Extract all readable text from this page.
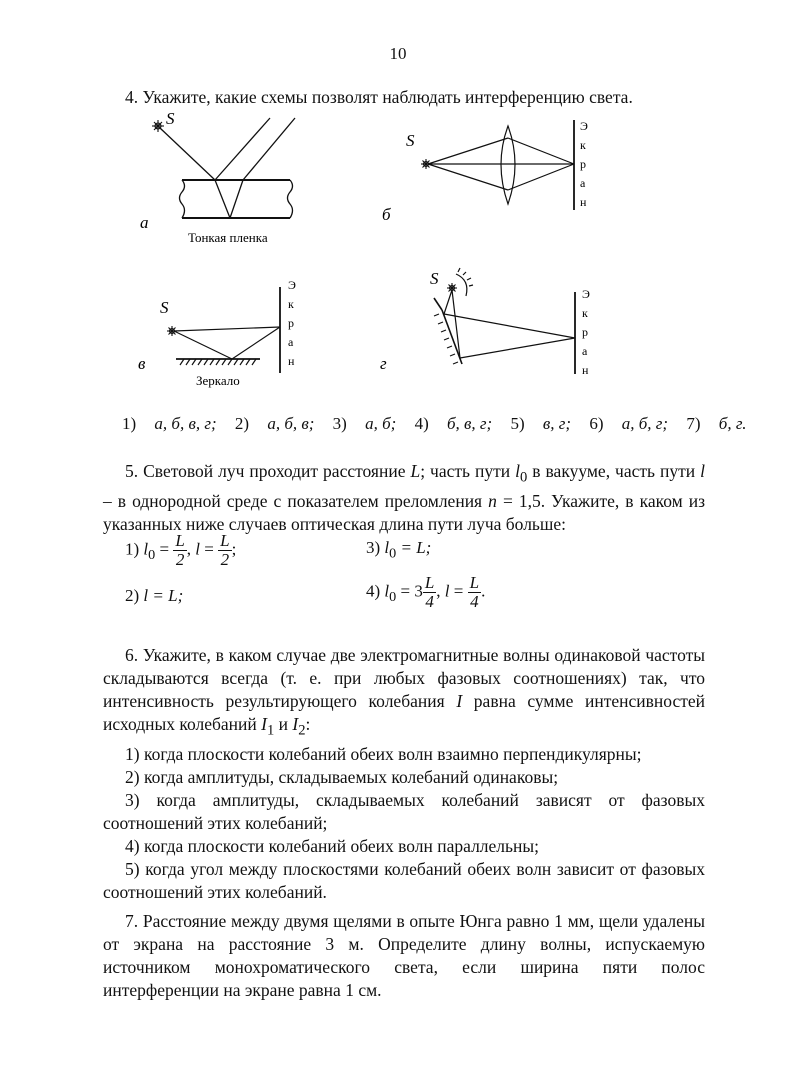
10

4. Укажите, какие схемы позволят наблюдать интерференцию света.

S
а
Тонкая пленка
S
б
Э
к
р
а
н
S
в
Зеркало
Э
к
р
а
н
S
г
Э
к
р
а
н
1) а, б, в, г; 2) а, б, в; 3) а, б; 4) б, в, г; 5) в, г; 6) а, б, г; 7) б, г.

5. Световой луч проходит расстояние L; часть пути $l_0$ в вакууме, часть пути l – в однородной среде с показателем преломления n = 1,5. Укажите, в каком из указанных ниже случаев оптическая длина пути луча больше:

1) $l_0 = \frac{L}{2}$ , $l = \frac{L}{2}$ ;	3) $l_0 = L$;
2) l = L;	4) $l_0 = 3 \frac{L}{4}$ , $l = \frac{L}{4}$ .

6. Укажите, в каком случае две электромагнитные волны одинаковой частоты складываются всегда (т. е. при любых фазовых соотношениях) так, что интенсивность результирующего колебания I равна сумме интенсивностей исходных колебаний $I_1$ и $I_2$:

1) когда плоскости колебаний обеих волн взаимно перпендикулярны;

2) когда амплитуды, складываемых колебаний одинаковы;

3) когда амплитуды, складываемых колебаний зависят от фазовых соотношений этих колебаний;

4) когда плоскости колебаний обеих волн параллельны;

5) когда угол между плоскостями колебаний обеих волн зависит от фазовых соотношений этих колебаний.

7. Расстояние между двумя щелями в опыте Юнга равно 1 мм, щели удалены от экрана на расстояние 3 м. Определите длину волны, испускаемую источником монохроматического света, если ширина пяти полос интерференции на экране равна 1 см.
